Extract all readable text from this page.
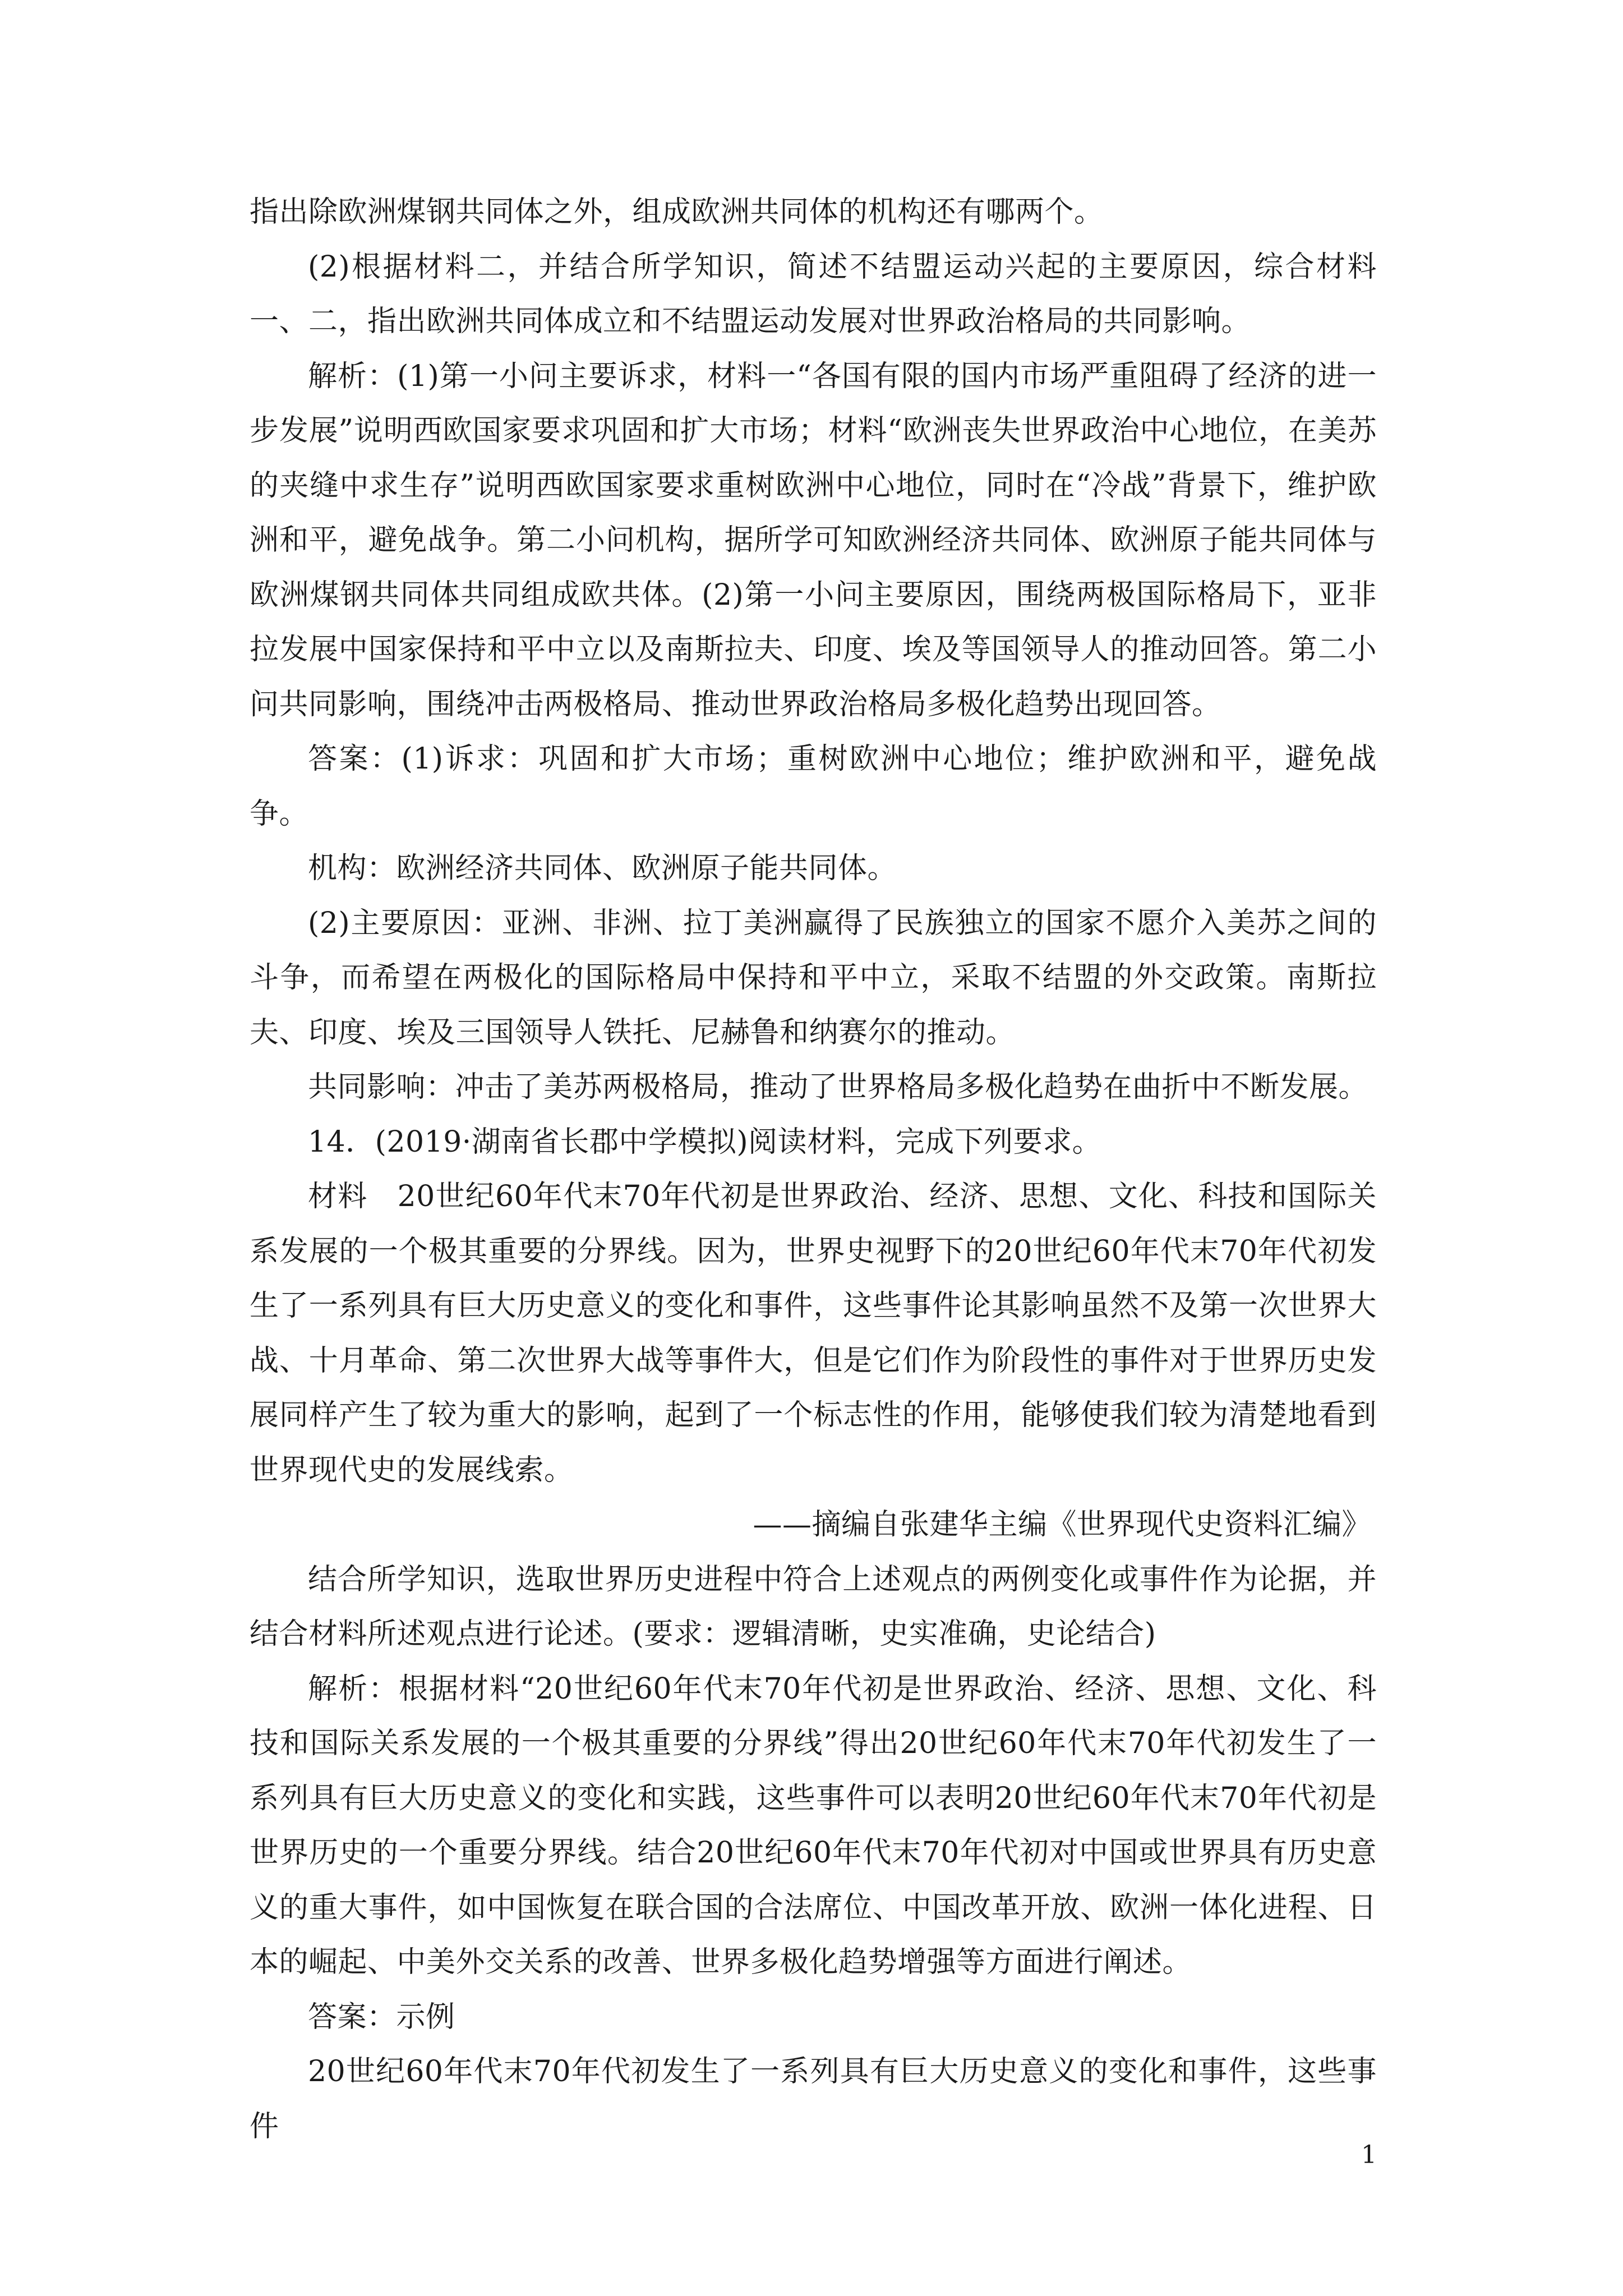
指出除欧洲煤钢共同体之外，组成欧洲共同体的机构还有哪两个。

(2)根据材料二，并结合所学知识，简述不结盟运动兴起的主要原因，综合材料一、二，指出欧洲共同体成立和不结盟运动发展对世界政治格局的共同影响。

解析：(1)第一小问主要诉求，材料一“各国有限的国内市场严重阻碍了经济的进一步发展”说明西欧国家要求巩固和扩大市场；材料“欧洲丧失世界政治中心地位，在美苏的夹缝中求生存”说明西欧国家要求重树欧洲中心地位，同时在“冷战”背景下，维护欧洲和平，避免战争。第二小问机构，据所学可知欧洲经济共同体、欧洲原子能共同体与欧洲煤钢共同体共同组成欧共体。(2)第一小问主要原因，围绕两极国际格局下，亚非拉发展中国家保持和平中立以及南斯拉夫、印度、埃及等国领导人的推动回答。第二小问共同影响，围绕冲击两极格局、推动世界政治格局多极化趋势出现回答。

答案：(1)诉求：巩固和扩大市场；重树欧洲中心地位；维护欧洲和平，避免战争。

机构：欧洲经济共同体、欧洲原子能共同体。

(2)主要原因：亚洲、非洲、拉丁美洲赢得了民族独立的国家不愿介入美苏之间的斗争，而希望在两极化的国际格局中保持和平中立，采取不结盟的外交政策。南斯拉夫、印度、埃及三国领导人铁托、尼赫鲁和纳赛尔的推动。

共同影响：冲击了美苏两极格局，推动了世界格局多极化趋势在曲折中不断发展。

14．(2019·湖南省长郡中学模拟)阅读材料，完成下列要求。

材料　20世纪60年代末70年代初是世界政治、经济、思想、文化、科技和国际关系发展的一个极其重要的分界线。因为，世界史视野下的20世纪60年代末70年代初发生了一系列具有巨大历史意义的变化和事件，这些事件论其影响虽然不及第一次世界大战、十月革命、第二次世界大战等事件大，但是它们作为阶段性的事件对于世界历史发展同样产生了较为重大的影响，起到了一个标志性的作用，能够使我们较为清楚地看到世界现代史的发展线索。

——摘编自张建华主编《世界现代史资料汇编》

结合所学知识，选取世界历史进程中符合上述观点的两例变化或事件作为论据，并结合材料所述观点进行论述。(要求：逻辑清晰，史实准确，史论结合)

解析：根据材料“20世纪60年代末70年代初是世界政治、经济、思想、文化、科技和国际关系发展的一个极其重要的分界线”得出20世纪60年代末70年代初发生了一系列具有巨大历史意义的变化和实践，这些事件可以表明20世纪60年代末70年代初是世界历史的一个重要分界线。结合20世纪60年代末70年代初对中国或世界具有历史意义的重大事件，如中国恢复在联合国的合法席位、中国改革开放、欧洲一体化进程、日本的崛起、中美外交关系的改善、世界多极化趋势增强等方面进行阐述。

答案：示例

20世纪60年代末70年代初发生了一系列具有巨大历史意义的变化和事件，这些事件

1
